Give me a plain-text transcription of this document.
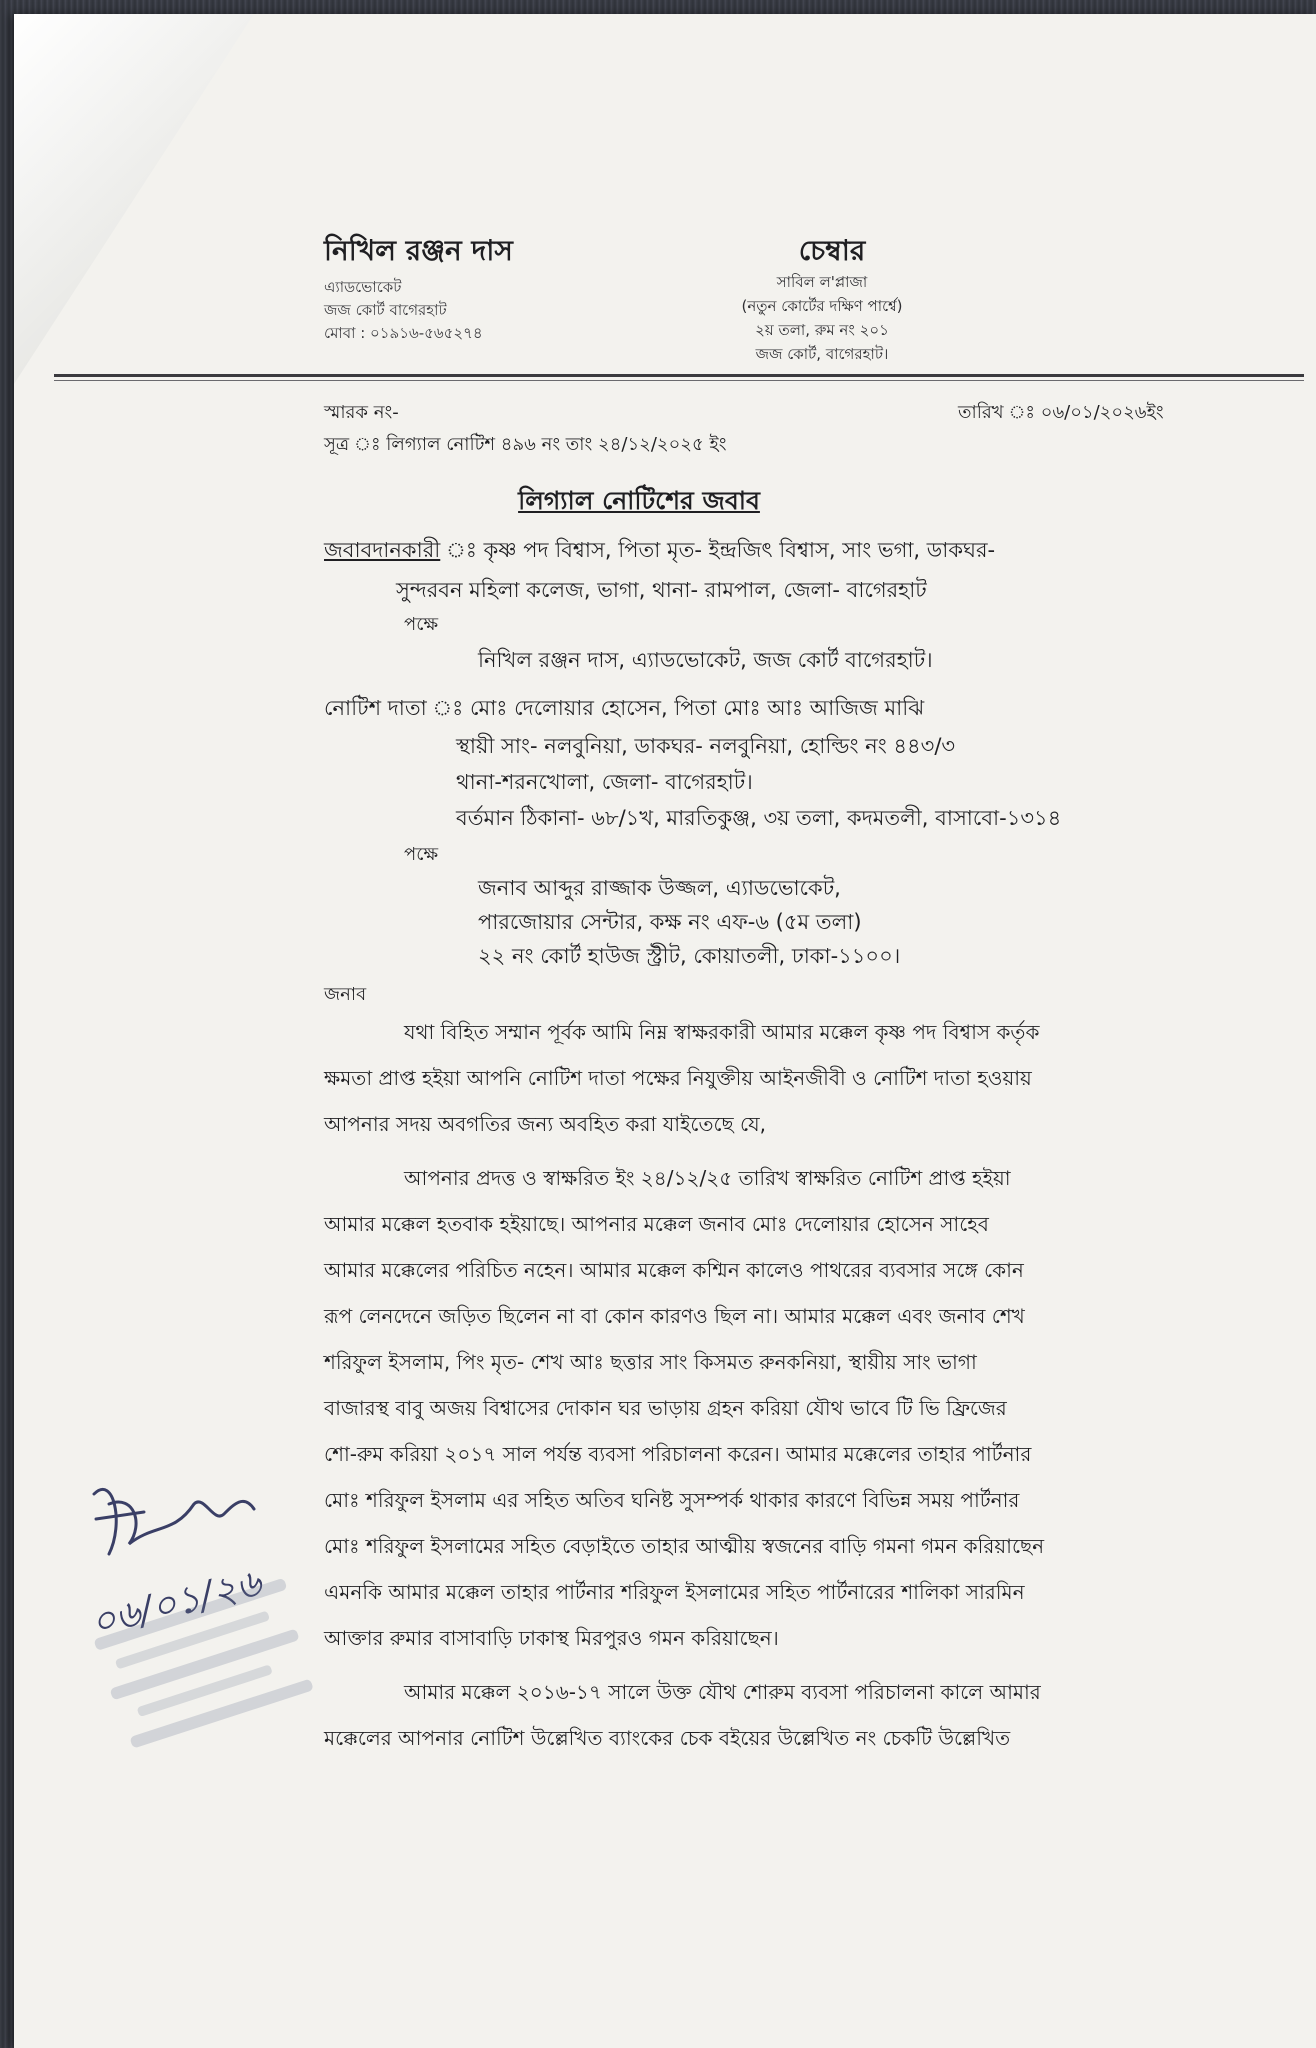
নিখিল রঞ্জন দাস
এ্যাডভোকেট
জজ কোর্ট বাগেরহাট
মোবা : ০১৯১৬-৫৬৫২৭৪
চেম্বার
সাবিল ল'প্লাজা
(নতুন কোর্টের দক্ষিণ পার্শ্বে)
২য় তলা, রুম নং ২০১
জজ কোর্ট, বাগেরহাট।
স্মারক নং-	তারিখ ঃ ০৬/০১/২০২৬ইং
সূত্র ঃ লিগ্যাল নোটিশ ৪৯৬ নং তাং ২৪/১২/২০২৫ ইং
লিগ্যাল নোটিশের জবাব
জবাবদানকারী ঃ কৃষ্ণ পদ বিশ্বাস, পিতা মৃত- ইন্দ্রজিৎ বিশ্বাস, সাং ভগা, ডাকঘর-
সুন্দরবন মহিলা কলেজ, ভাগা, থানা- রামপাল, জেলা- বাগেরহাট
পক্ষে
নিখিল রঞ্জন দাস, এ্যাডভোকেট, জজ কোর্ট বাগেরহাট।
নোটিশ দাতা ঃ মোঃ দেলোয়ার হোসেন, পিতা মোঃ আঃ আজিজ মাঝি
স্থায়ী সাং- নলবুনিয়া, ডাকঘর- নলবুনিয়া, হোল্ডিং নং ৪৪৩/৩
থানা-শরনখোলা, জেলা- বাগেরহাট।
বর্তমান ঠিকানা- ৬৮/১খ, মারতিকুঞ্জ, ৩য় তলা, কদমতলী, বাসাবো-১৩১৪
পক্ষে
জনাব আব্দুর রাজ্জাক উজ্জল, এ্যাডভোকেট,
পারজোয়ার সেন্টার, কক্ষ নং এফ-৬ (৫ম তলা)
২২ নং কোর্ট হাউজ স্ট্রীট, কোয়াতলী, ঢাকা-১১০০।
জনাব
যথা বিহিত সম্মান পূর্বক আমি নিম্ন স্বাক্ষরকারী আমার মক্কেল কৃষ্ণ পদ বিশ্বাস কর্তৃক
ক্ষমতা প্রাপ্ত হইয়া আপনি নোটিশ দাতা পক্ষের নিযুক্তীয় আইনজীবী ও নোটিশ দাতা হওয়ায়
আপনার সদয় অবগতির জন্য অবহিত করা যাইতেছে যে,
আপনার প্রদত্ত ও স্বাক্ষরিত ইং ২৪/১২/২৫ তারিখ স্বাক্ষরিত নোটিশ প্রাপ্ত হইয়া
আমার মক্কেল হতবাক হইয়াছে। আপনার মক্কেল জনাব মোঃ দেলোয়ার হোসেন সাহেব
আমার মক্কেলের পরিচিত নহেন। আমার মক্কেল কশ্মিন কালেও পাথরের ব্যবসার সঙ্গে কোন
রূপ লেনদেনে জড়িত ছিলেন না বা কোন কারণও ছিল না। আমার মক্কেল এবং জনাব শেখ
শরিফুল ইসলাম, পিং মৃত- শেখ আঃ ছত্তার সাং কিসমত রুনকনিয়া, স্থায়ীয় সাং ভাগা
বাজারস্থ বাবু অজয় বিশ্বাসের দোকান ঘর ভাড়ায় গ্রহন করিয়া যৌথ ভাবে টি ভি ফ্রিজের
শো-রুম করিয়া ২০১৭ সাল পর্যন্ত ব্যবসা পরিচালনা করেন। আমার মক্কেলের তাহার পার্টনার
মোঃ শরিফুল ইসলাম এর সহিত অতিব ঘনিষ্ট সুসম্পর্ক থাকার কারণে বিভিন্ন সময় পার্টনার
মোঃ শরিফুল ইসলামের সহিত বেড়াইতে তাহার আত্মীয় স্বজনের বাড়ি গমনা গমন করিয়াছেন
এমনকি আমার মক্কেল তাহার পার্টনার শরিফুল ইসলামের সহিত পার্টনারের শালিকা সারমিন
আক্তার রুমার বাসাবাড়ি ঢাকাস্থ মিরপুরও গমন করিয়াছেন।
আমার মক্কেল ২০১৬-১৭ সালে উক্ত যৌথ শোরুম ব্যবসা পরিচালনা কালে আমার
মক্কেলের আপনার নোটিশ উল্লেখিত ব্যাংকের চেক বইয়ের উল্লেখিত নং চেকটি উল্লেখিত
০৬/০১/২৬
